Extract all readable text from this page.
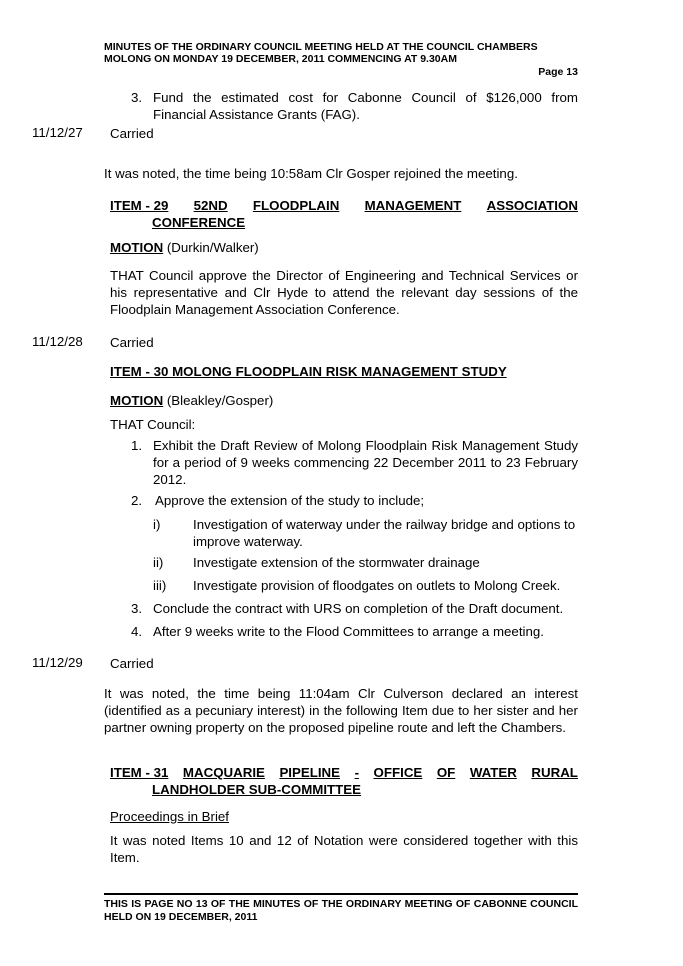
MINUTES OF THE ORDINARY COUNCIL MEETING HELD AT THE COUNCIL CHAMBERS
MOLONG ON MONDAY 19 DECEMBER, 2011 COMMENCING AT 9.30AM
Page 13
3. Fund the estimated cost for Cabonne Council of $126,000 from Financial Assistance Grants (FAG).
11/12/27 Carried
It was noted, the time being 10:58am Clr Gosper rejoined the meeting.
ITEM - 29 52ND FLOODPLAIN MANAGEMENT ASSOCIATION
CONFERENCE
MOTION (Durkin/Walker)
THAT Council approve the Director of Engineering and Technical Services or his representative and Clr Hyde to attend the relevant day sessions of the Floodplain Management Association Conference.
11/12/28 Carried
ITEM - 30 MOLONG FLOODPLAIN RISK MANAGEMENT STUDY
MOTION (Bleakley/Gosper)
THAT Council:
1. Exhibit the Draft Review of Molong Floodplain Risk Management Study for a period of 9 weeks commencing 22 December 2011 to 23 February 2012.
2. Approve the extension of the study to include;
i) Investigation of waterway under the railway bridge and options to improve waterway.
ii) Investigate extension of the stormwater drainage
iii) Investigate provision of floodgates on outlets to Molong Creek.
3. Conclude the contract with URS on completion of the Draft document.
4. After 9 weeks write to the Flood Committees to arrange a meeting.
11/12/29 Carried
It was noted, the time being 11:04am Clr Culverson declared an interest (identified as a pecuniary interest) in the following Item due to her sister and her partner owning property on the proposed pipeline route and left the Chambers.
ITEM - 31 MACQUARIE PIPELINE - OFFICE OF WATER RURAL
LANDHOLDER SUB-COMMITTEE
Proceedings in Brief
It was noted Items 10 and 12 of Notation were considered together with this Item.
THIS IS PAGE NO 13 OF THE MINUTES OF THE ORDINARY MEETING OF CABONNE COUNCIL HELD ON 19 DECEMBER, 2011
